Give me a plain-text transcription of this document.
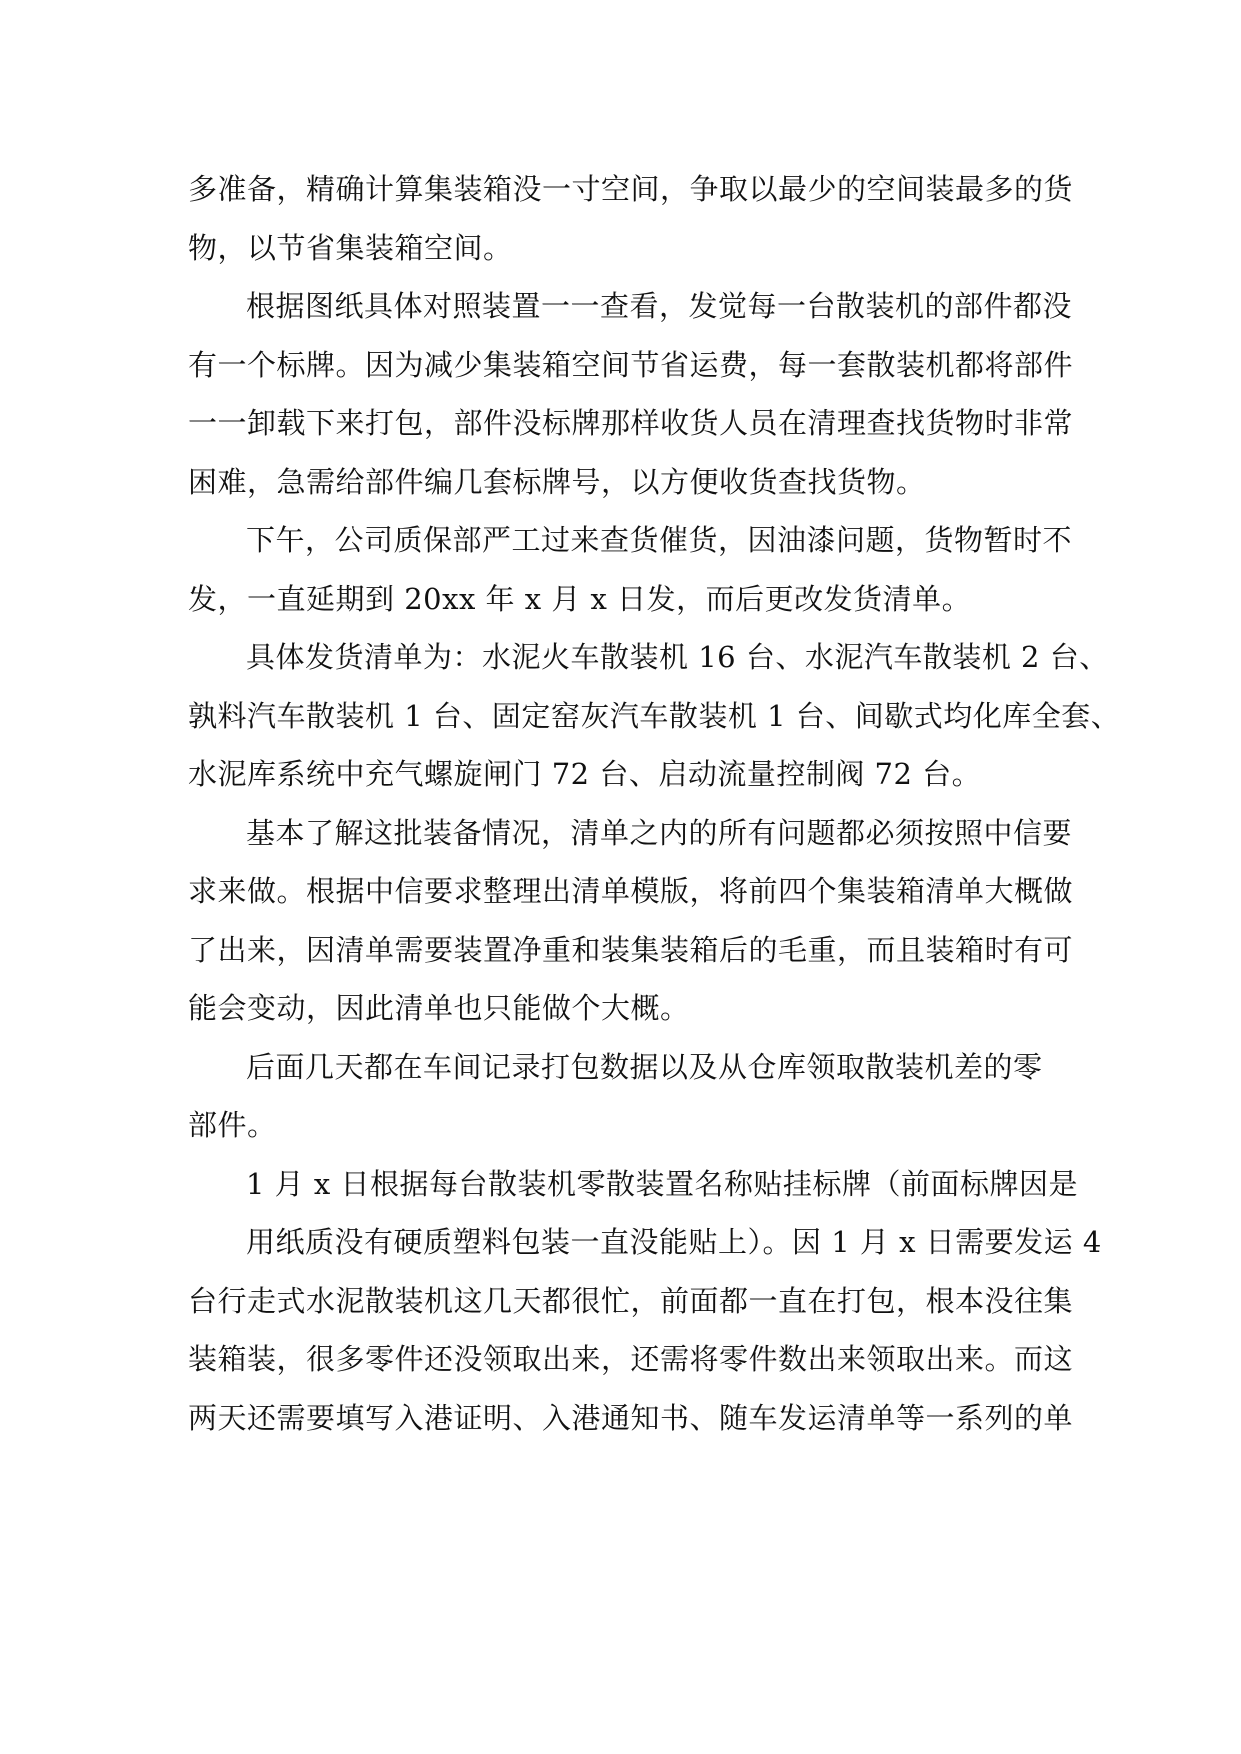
多准备，精确计算集装箱没一寸空间，争取以最少的空间装最多的货
物，以节省集装箱空间。
根据图纸具体对照装置一一查看，发觉每一台散装机的部件都没
有一个标牌。因为减少集装箱空间节省运费，每一套散装机都将部件
一一卸载下来打包，部件没标牌那样收货人员在清理查找货物时非常
困难，急需给部件编几套标牌号，以方便收货查找货物。
下午，公司质保部严工过来查货催货，因油漆问题，货物暂时不
发，一直延期到 20xx 年 x 月 x 日发，而后更改发货清单。
具体发货清单为：水泥火车散装机 16 台、水泥汽车散装机 2 台、
孰料汽车散装机 1 台、固定窑灰汽车散装机 1 台、间歇式均化库全套、
水泥库系统中充气螺旋闸门 72 台、启动流量控制阀 72 台。
基本了解这批装备情况，清单之内的所有问题都必须按照中信要
求来做。根据中信要求整理出清单模版，将前四个集装箱清单大概做
了出来，因清单需要装置净重和装集装箱后的毛重，而且装箱时有可
能会变动，因此清单也只能做个大概。
后面几天都在车间记录打包数据以及从仓库领取散装机差的零
部件。
1 月 x 日根据每台散装机零散装置名称贴挂标牌（前面标牌因是
用纸质没有硬质塑料包装一直没能贴上）。因 1 月 x 日需要发运 4
台行走式水泥散装机这几天都很忙，前面都一直在打包，根本没往集
装箱装，很多零件还没领取出来，还需将零件数出来领取出来。而这
两天还需要填写入港证明、入港通知书、随车发运清单等一系列的单
